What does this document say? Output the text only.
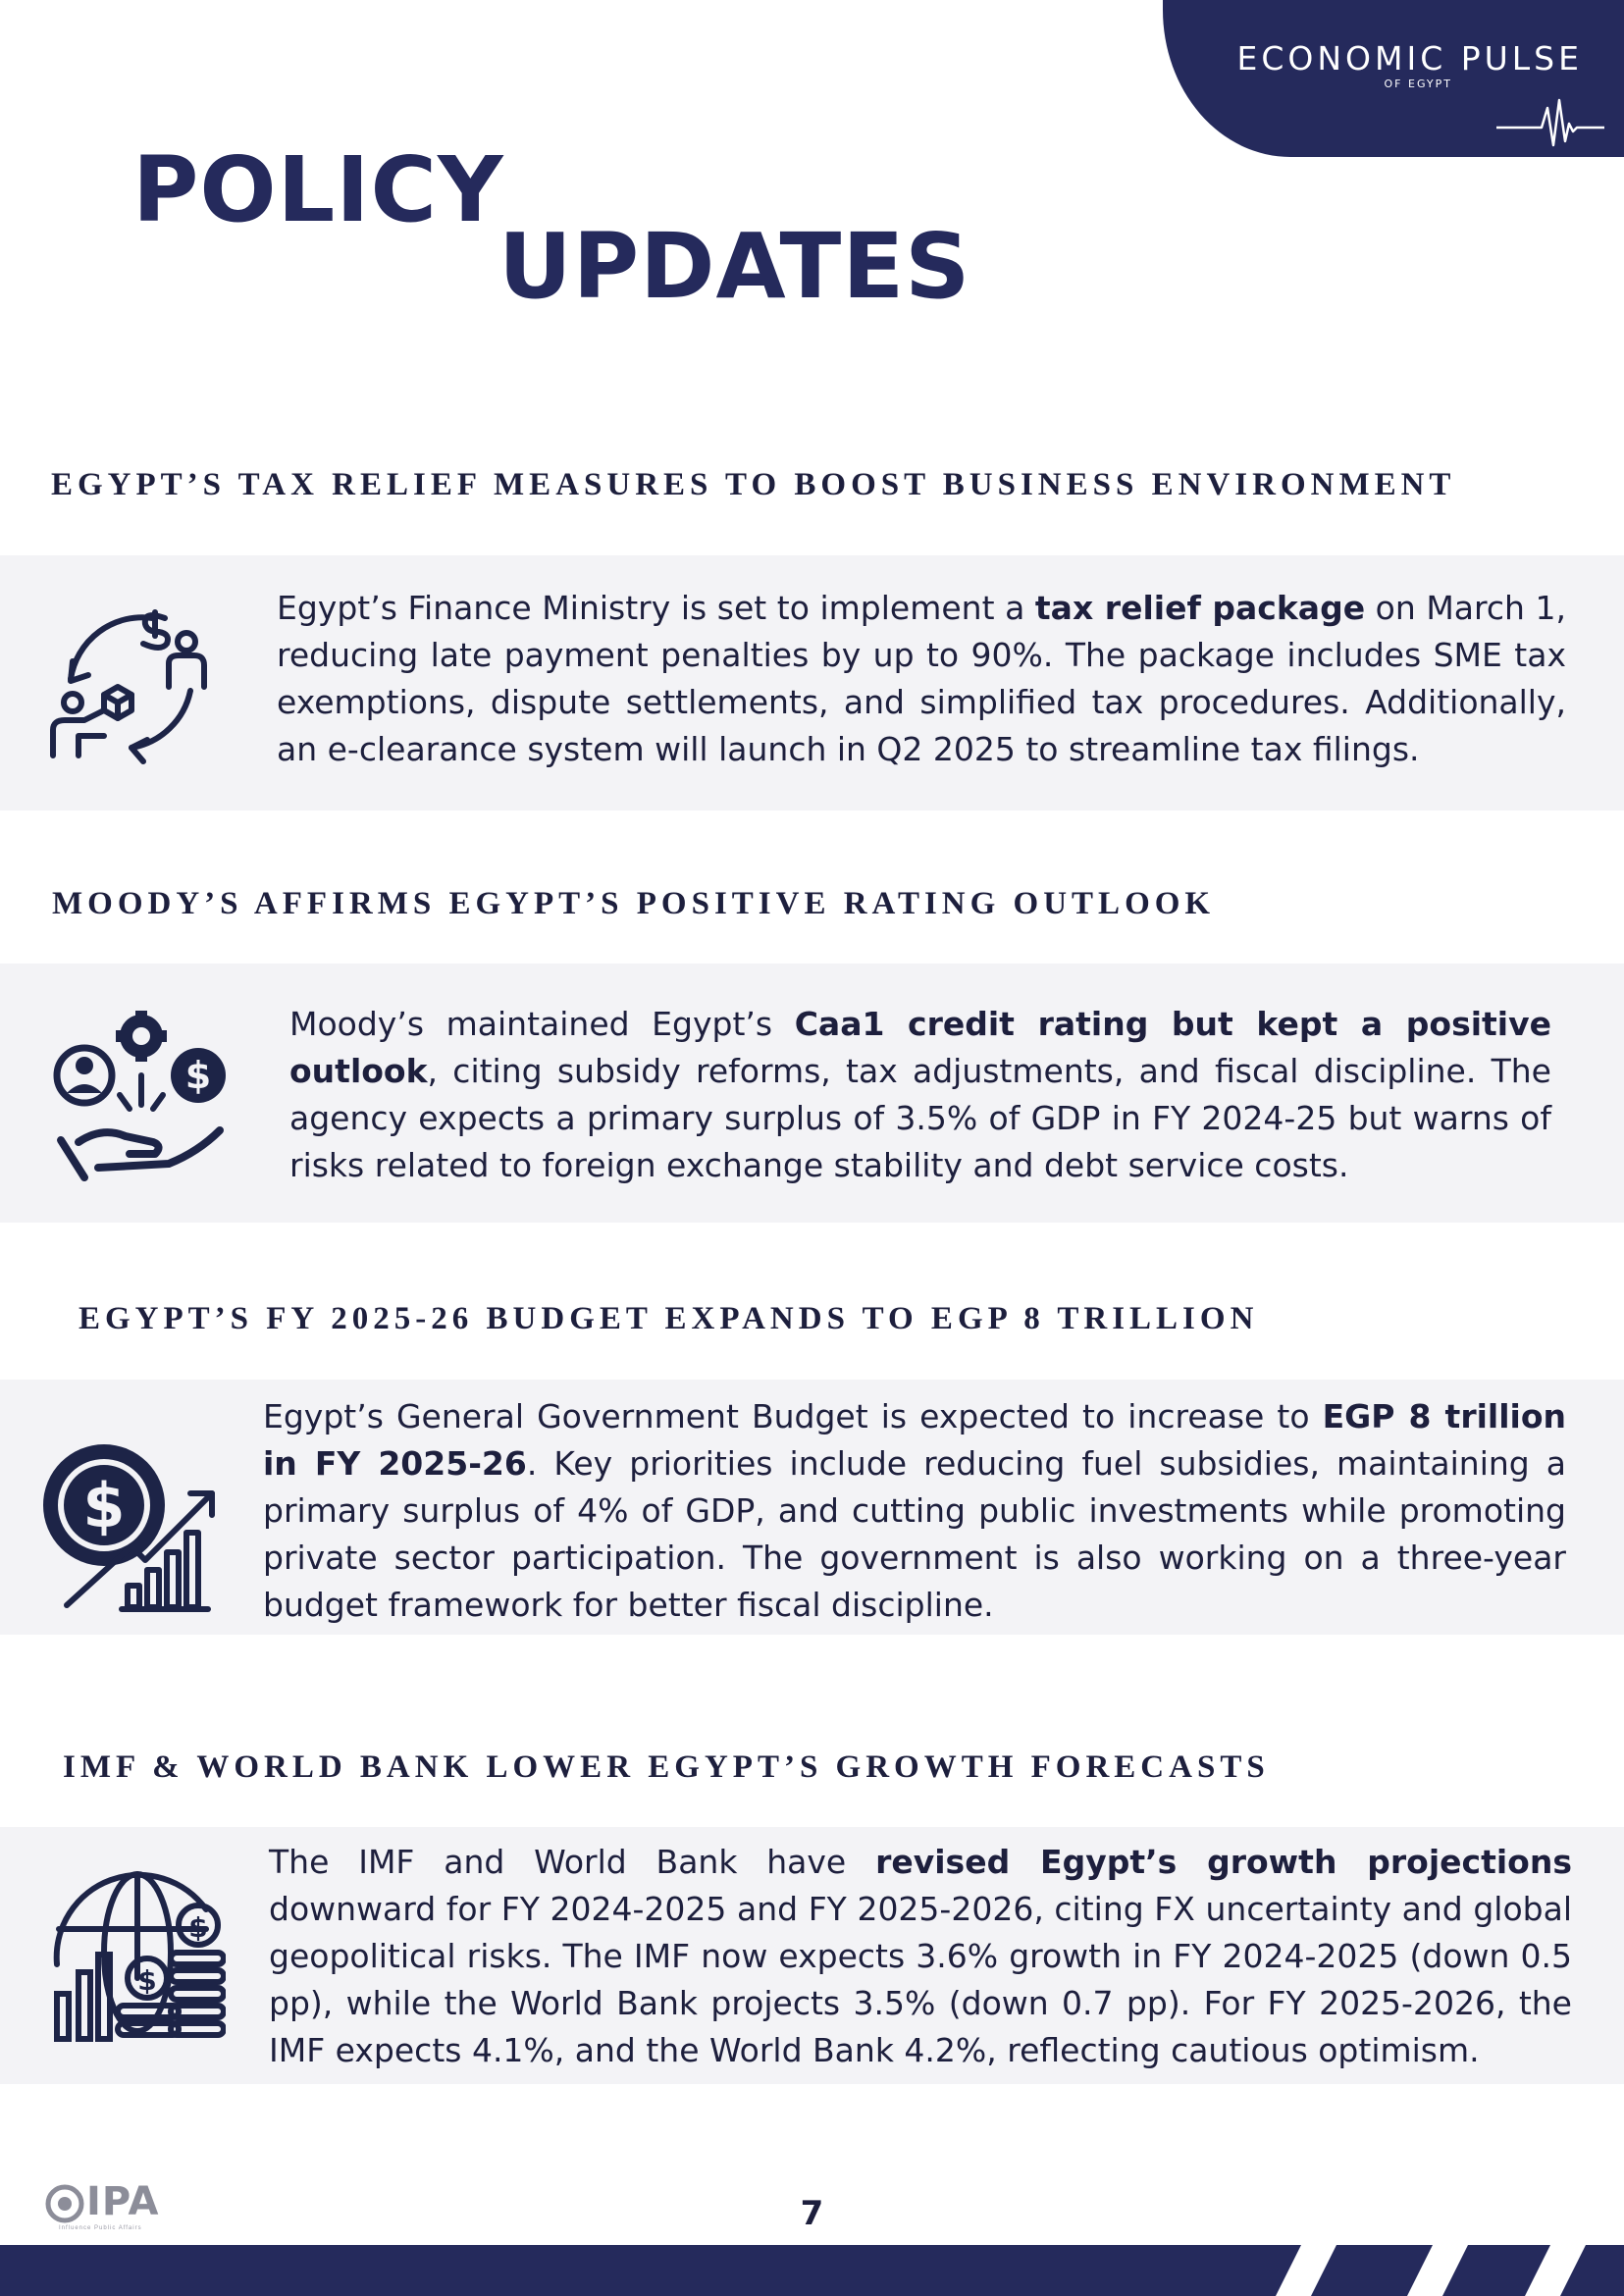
ECONOMIC PULSE
OF EGYPT
POLICY
UPDATES
EGYPT’S TAX RELIEF MEASURES TO BOOST BUSINESS ENVIRONMENT

Egypt’s Finance Ministry is set to implement a tax relief package on March 1, reducing late payment penalties by up to 90%. The package includes SME tax exemptions, dispute settlements, and simplified tax procedures. Additionally, an e-clearance system will launch in Q2 2025 to streamline tax filings.

MOODY’S AFFIRMS EGYPT’S POSITIVE RATING OUTLOOK
$

Moody’s maintained Egypt’s Caa1 credit rating but kept a positive outlook, citing subsidy reforms, tax adjustments, and fiscal discipline. The agency expects a primary surplus of 3.5% of GDP in FY 2024-25 but warns of risks related to foreign exchange stability and debt service costs.

EGYPT’S FY 2025-26 BUDGET EXPANDS TO EGP 8 TRILLION
$

Egypt’s General Government Budget is expected to increase to EGP 8 trillion in FY 2025-26. Key priorities include reducing fuel subsidies, maintaining a primary surplus of 4% of GDP, and cutting public investments while promoting private sector participation. The government is also working on a three-year budget framework for better fiscal discipline.

IMF & WORLD BANK LOWER EGYPT’S GROWTH FORECASTS
$
$

The IMF and World Bank have revised Egypt’s growth projections downward for FY 2024-2025 and FY 2025-2026, citing FX uncertainty and global geopolitical risks. The IMF now expects 3.6% growth in FY 2024-2025 (down 0.5 pp), while the World Bank projects 3.5% (down 0.7 pp). For FY 2025-2026, the IMF expects 4.1%, and the World Bank 4.2%, reflecting cautious optimism.

IPA
Influence Public Affairs	7
